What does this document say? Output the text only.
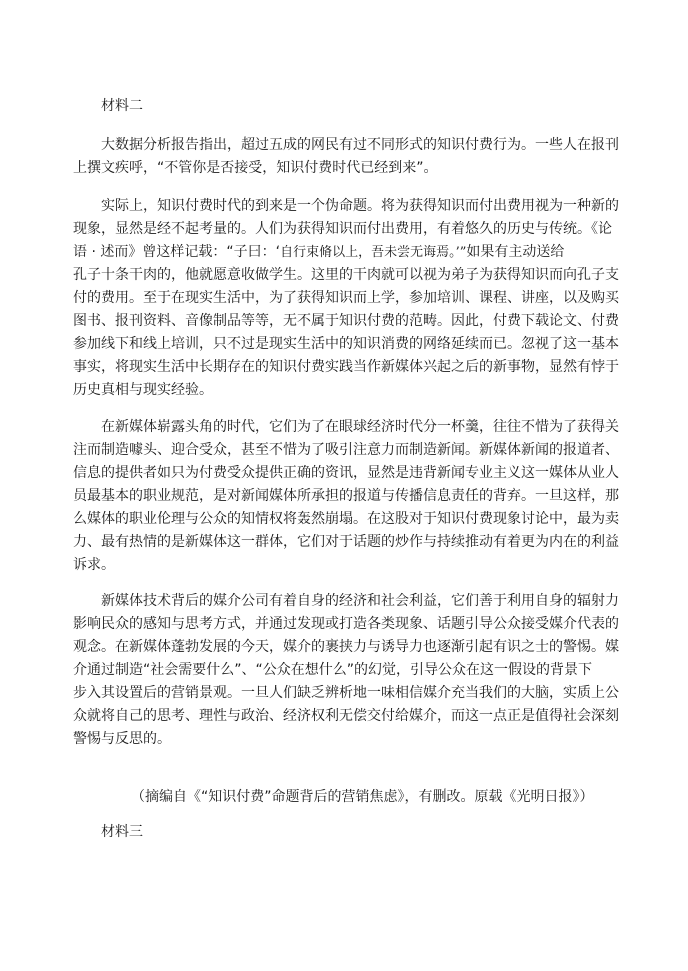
材料二
大数据分析报告指出，超过五成的网民有过不同形式的知识付费行为。一些人在报刊
上撰文疾呼，“不管你是否接受，知识付费时代已经到来”。
实际上，知识付费时代的到来是一个伪命题。将为获得知识而付出费用视为一种新的
现象，显然是经不起考量的。人们为获得知识而付出费用，有着悠久的历史与传统。《论
语 · 述而》曾这样记载：“子曰：‘自行束脩以上，吾未尝无诲焉。’”如果有主动送给
孔子十条干肉的，他就愿意收做学生。这里的干肉就可以视为弟子为获得知识而向孔子支
付的费用。至于在现实生活中，为了获得知识而上学，参加培训、课程、讲座，以及购买
图书、报刊资料、音像制品等等，无不属于知识付费的范畴。因此，付费下载论文、付费
参加线下和线上培训，只不过是现实生活中的知识消费的网络延续而已。忽视了这一基本
事实，将现实生活中长期存在的知识付费实践当作新媒体兴起之后的新事物，显然有悖于
历史真相与现实经验。
在新媒体崭露头角的时代，它们为了在眼球经济时代分一杯羹，往往不惜为了获得关
注而制造噱头、迎合受众，甚至不惜为了吸引注意力而制造新闻。新媒体新闻的报道者、
信息的提供者如只为付费受众提供正确的资讯，显然是违背新闻专业主义这一媒体从业人
员最基本的职业规范，是对新闻媒体所承担的报道与传播信息责任的背弃。一旦这样，那
么媒体的职业伦理与公众的知情权将轰然崩塌。在这股对于知识付费现象讨论中，最为卖
力、最有热情的是新媒体这一群体，它们对于话题的炒作与持续推动有着更为内在的利益
诉求。
新媒体技术背后的媒介公司有着自身的经济和社会利益，它们善于利用自身的辐射力
影响民众的感知与思考方式，并通过发现或打造各类现象、话题引导公众接受媒介代表的
观念。在新媒体蓬勃发展的今天，媒介的裹挟力与诱导力也逐渐引起有识之士的警惕。媒
介通过制造“社会需要什么”、“公众在想什么”的幻觉，引导公众在这一假设的背景下
步入其设置后的营销景观。一旦人们缺乏辨析地一味相信媒介充当我们的大脑，实质上公
众就将自己的思考、理性与政治、经济权利无偿交付给媒介，而这一点正是值得社会深刻
警惕与反思的。
（摘编自《“知识付费”命题背后的营销焦虑》，有删改。原载《光明日报》）
材料三
